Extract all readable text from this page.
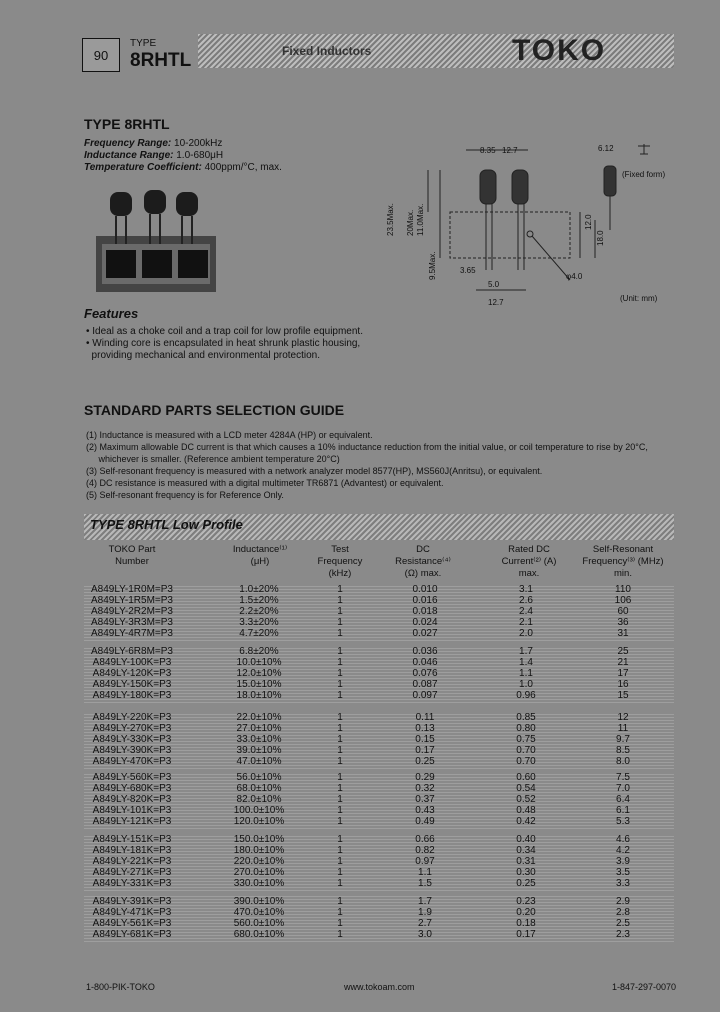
90
TYPE
8RHTL	Fixed Inductors	TOKO
TYPE 8RHTL
Frequency Range: 10-200kHz
Inductance Range: 1.0-680μH
Temperature Coefficient: 400ppm/°C, max.
8.35 12.7	6.12
(Fixed form)
23.5Max. 20Max. 11.0Max.	12.0
18.0
9.5Max.	3.65
5.0
φ4.0
12.7	(Unit: mm)
Features
• Ideal as a choke coil and a trap coil for low profile equipment.
• Winding core is encapsulated in heat shrunk plastic housing,
providing mechanical and environmental protection.
STANDARD PARTS SELECTION GUIDE
(1) Inductance is measured with a LCD meter 4284A (HP) or equivalent.
(2) Maximum allowable DC current is that which causes a 10% inductance reduction from the initial value, or coil temperature to rise by 20°C,
whichever is smaller. (Reference ambient temperature 20°C)
(3) Self-resonant frequency is measured with a network analyzer model 8577(HP), MS560J(Anritsu), or equivalent.
(4) DC resistance is measured with a digital multimeter TR6871 (Advantest) or equivalent.
(5) Self-resonant frequency is for Reference Only.
TYPE 8RHTL Low Profile
TOKO Part Number
Inductance⁽¹⁾ (μH)
Test Frequency (kHz)
DC Resistance⁽⁴⁾ (Ω) max.
Rated DC Current⁽²⁾ (A) max.
Self-Resonant Frequency⁽³⁾ (MHz) min.
A849LY-1R0M=P3	1.0±20%	1	0.010	3.1	110
A849LY-1R5M=P3	1.5±20%	1	0.016	2.6	106
A849LY-2R2M=P3	2.2±20%	1	0.018	2.4	60
A849LY-3R3M=P3	3.3±20%	1	0.024	2.1	36
A849LY-4R7M=P3	4.7±20%	1	0.027	2.0	31
A849LY-6R8M=P3	6.8±20%	1	0.036	1.7	25
A849LY-100K=P3	10.0±10%	1	0.046	1.4	21
A849LY-120K=P3	12.0±10%	1	0.076	1.1	17
A849LY-150K=P3	15.0±10%	1	0.087	1.0	16
A849LY-180K=P3	18.0±10%	1	0.097	0.96	15
A849LY-220K=P3	22.0±10%	1	0.11	0.85	12
A849LY-270K=P3	27.0±10%	1	0.13	0.80	11
A849LY-330K=P3	33.0±10%	1	0.15	0.75	9.7
A849LY-390K=P3	39.0±10%	1	0.17	0.70	8.5
A849LY-470K=P3	47.0±10%	1	0.25	0.70	8.0
A849LY-560K=P3	56.0±10%	1	0.29	0.60	7.5
A849LY-680K=P3	68.0±10%	1	0.32	0.54	7.0
A849LY-820K=P3	82.0±10%	1	0.37	0.52	6.4
A849LY-101K=P3	100.0±10%	1	0.43	0.48	6.1
A849LY-121K=P3	120.0±10%	1	0.49	0.42	5.3
A849LY-151K=P3	150.0±10%	1	0.66	0.40	4.6
A849LY-181K=P3	180.0±10%	1	0.82	0.34	4.2
A849LY-221K=P3	220.0±10%	1	0.97	0.31	3.9
A849LY-271K=P3	270.0±10%	1	1.1	0.30	3.5
A849LY-331K=P3	330.0±10%	1	1.5	0.25	3.3
A849LY-391K=P3	390.0±10%	1	1.7	0.23	2.9
A849LY-471K=P3	470.0±10%	1	1.9	0.20	2.8
A849LY-561K=P3	560.0±10%	1	2.7	0.18	2.5
A849LY-681K=P3	680.0±10%	1	3.0	0.17	2.3
1-800-PIK-TOKO	www.tokoam.com	1-847-297-0070
